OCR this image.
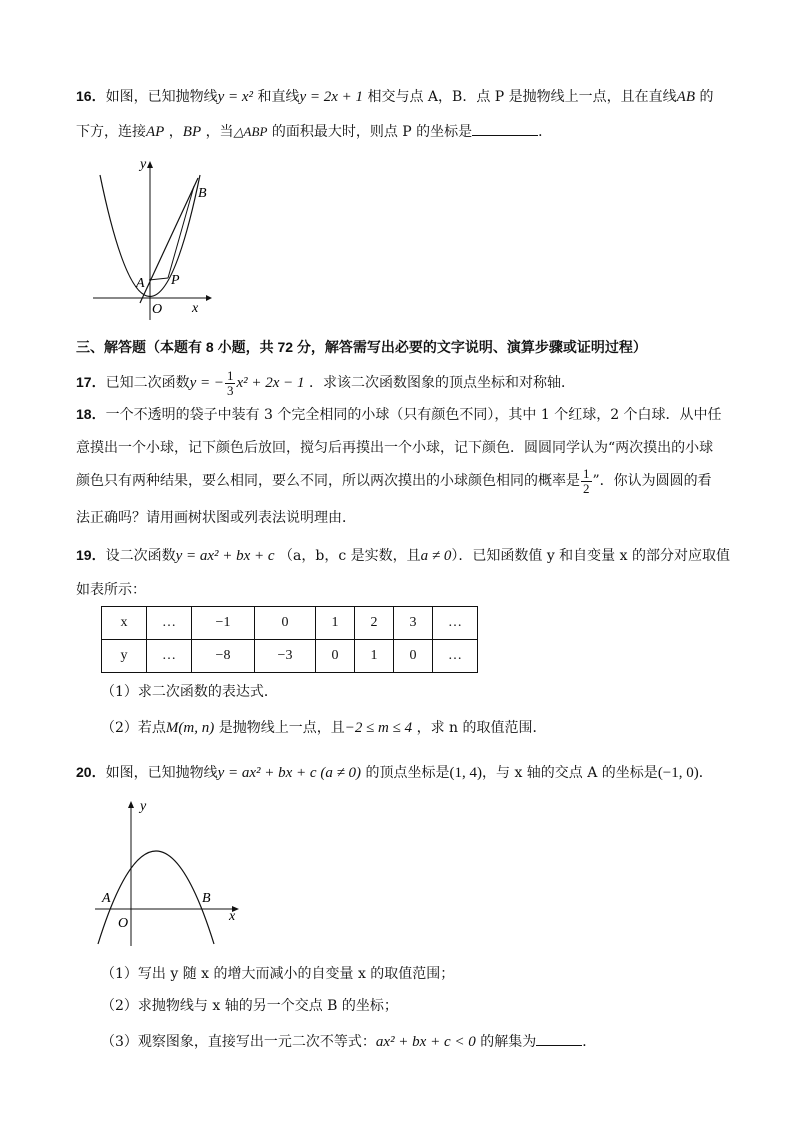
16．如图，已知抛物线y = x² 和直线y = 2x + 1 相交与点 A，B．点 P 是抛物线上一点，且在直线AB 的
下方，连接AP ，BP ，当△ABP 的面积最大时，则点 P 的坐标是	．
y
B
A P
O x
三、解答题（本题有 8 小题，共 72 分，解答需写出必要的文字说明、演算步骤或证明过程）
17．已知二次函数y = − $\frac{1}{3} x^2 + 2x - 1$ ．求该二次函数图象的顶点坐标和对称轴．
18．一个不透明的袋子中装有 3 个完全相同的小球（只有颜色不同），其中 1 个红球，2 个白球．从中任
意摸出一个小球，记下颜色后放回，搅匀后再摸出一个小球，记下颜色．圆圆同学认为“两次摸出的小球
颜色只有两种结果，要么相同，要么不同，所以两次摸出的小球颜色相同的概率是 $\frac{1}{2}$ ”．你认为圆圆的看
法正确吗？请用画树状图或列表法说明理由．
19．设二次函数y = ax² + bx + c （a，b，c 是实数，且a ≠ 0）．已知函数值 y 和自变量 x 的部分对应取值
如表所示：
x	…	−1	0	1	2	3	…
y	…	−8	−3	0	1	0	…
（1）求二次函数的表达式．
（2）若点M(m, n) 是抛物线上一点，且−2 ≤ m ≤ 4 ，求 n 的取值范围．
20．如图，已知抛物线y = ax² + bx + c (a ≠ 0) 的顶点坐标是(1, 4)，与 x 轴的交点 A 的坐标是(−1, 0)．
y
A	B
O	x
（1）写出 y 随 x 的增大而减小的自变量 x 的取值范围；
（2）求抛物线与 x 轴的另一个交点 B 的坐标；
（3）观察图象，直接写出一元二次不等式：ax² + bx + c < 0 的解集为	．
